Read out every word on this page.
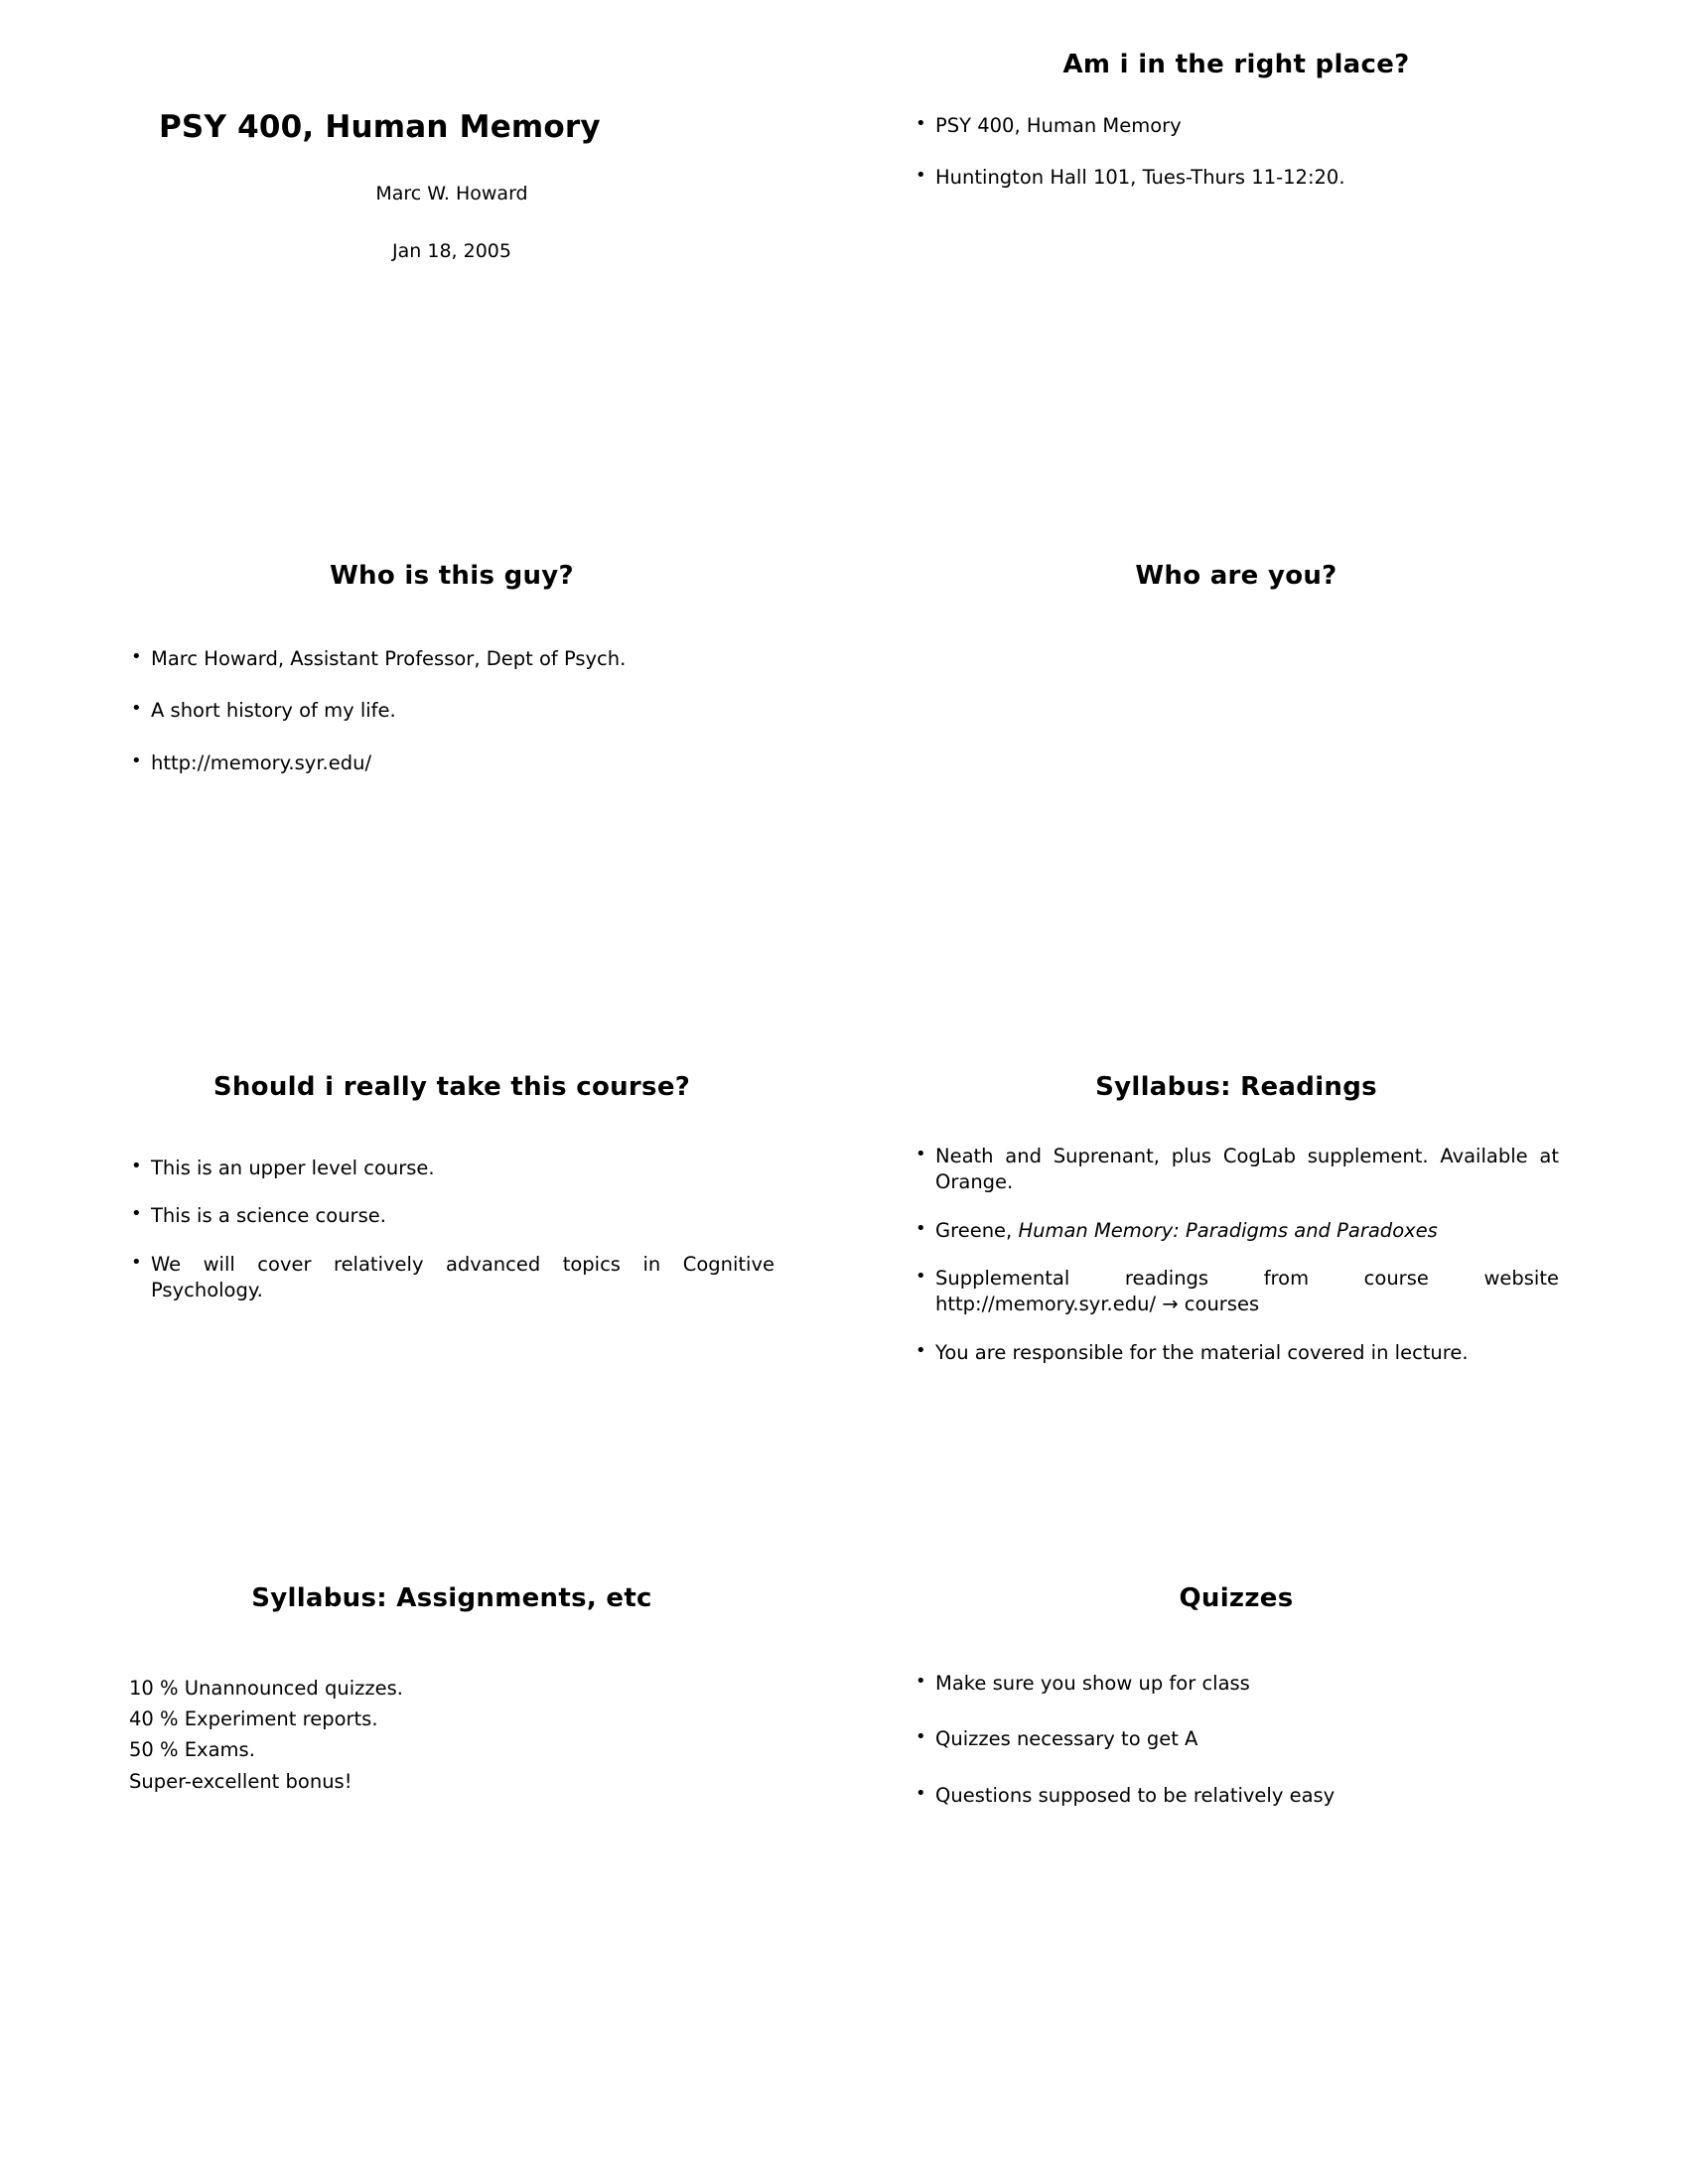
PSY 400, Human Memory
Marc W. Howard
Jan 18, 2005
Am i in the right place?
• PSY 400, Human Memory
• Huntington Hall 101, Tues-Thurs 11-12:20.
Who is this guy?
• Marc Howard, Assistant Professor, Dept of Psych.
• A short history of my life.
• http://memory.syr.edu/
Who are you?
Should i really take this course?
• This is an upper level course.
• This is a science course.
• We will cover relatively advanced topics in Cognitive Psychology.
Syllabus: Readings
• Neath and Suprenant, plus CogLab supplement. Available at Orange.
• Greene, Human Memory: Paradigms and Paradoxes
• Supplemental readings from course website http://memory.syr.edu/ → courses
• You are responsible for the material covered in lecture.
Syllabus: Assignments, etc
10 % Unannounced quizzes.
40 % Experiment reports.
50 % Exams.
Super-excellent bonus!
Quizzes
• Make sure you show up for class
• Quizzes necessary to get A
• Questions supposed to be relatively easy
